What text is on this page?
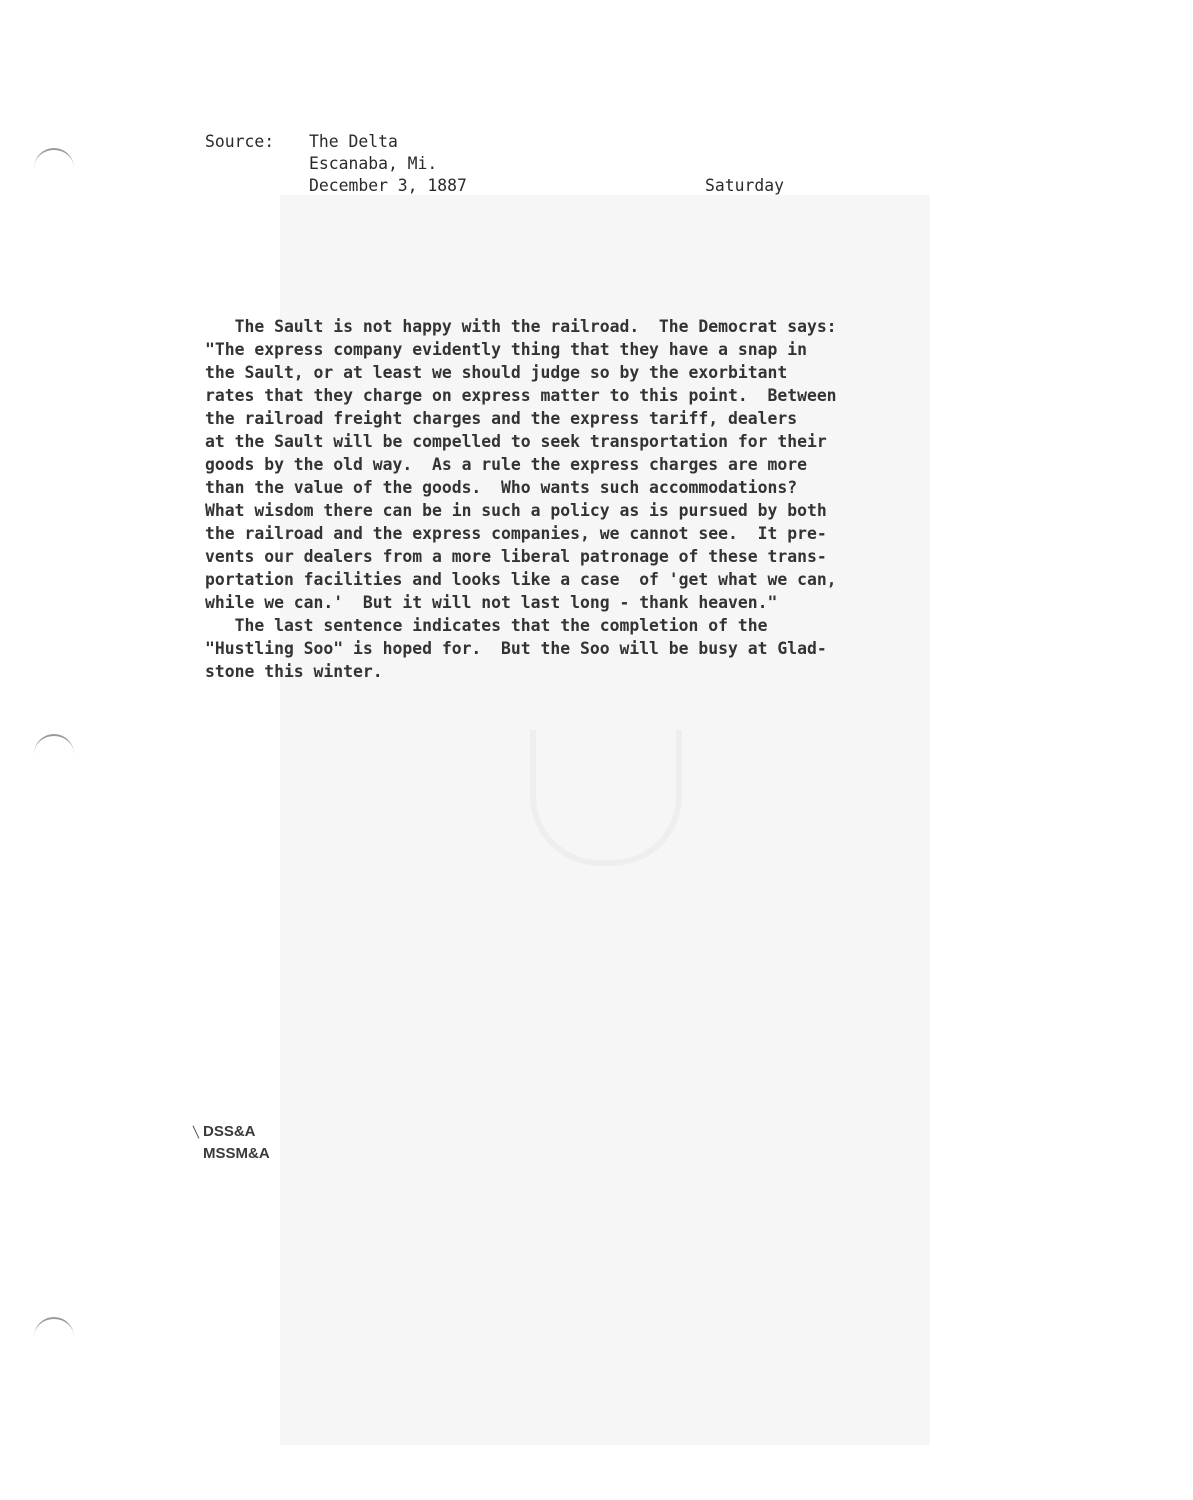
Source:

The Delta

Escanaba, Mi.

December 3, 1887

	Saturday

The Sault is not happy with the railroad.  The Democrat says:
"The express company evidently thing that they have a snap in
the Sault, or at least we should judge so by the exorbitant
rates that they charge on express matter to this point.  Between
the railroad freight charges and the express tariff, dealers
at the Sault will be compelled to seek transportation for their
goods by the old way.  As a rule the express charges are more
than the value of the goods.  Who wants such accommodations?
What wisdom there can be in such a policy as is pursued by both
the railroad and the express companies, we cannot see.  It pre-
vents our dealers from a more liberal patronage of these trans-
portation facilities and looks like a case  of 'get what we can,
while we can.'  But it will not last long - thank heaven."
The last sentence indicates that the completion of the
"Hustling Soo" is hoped for.  But the Soo will be busy at Glad-
stone this winter.
DSS&A
MSSM&A
